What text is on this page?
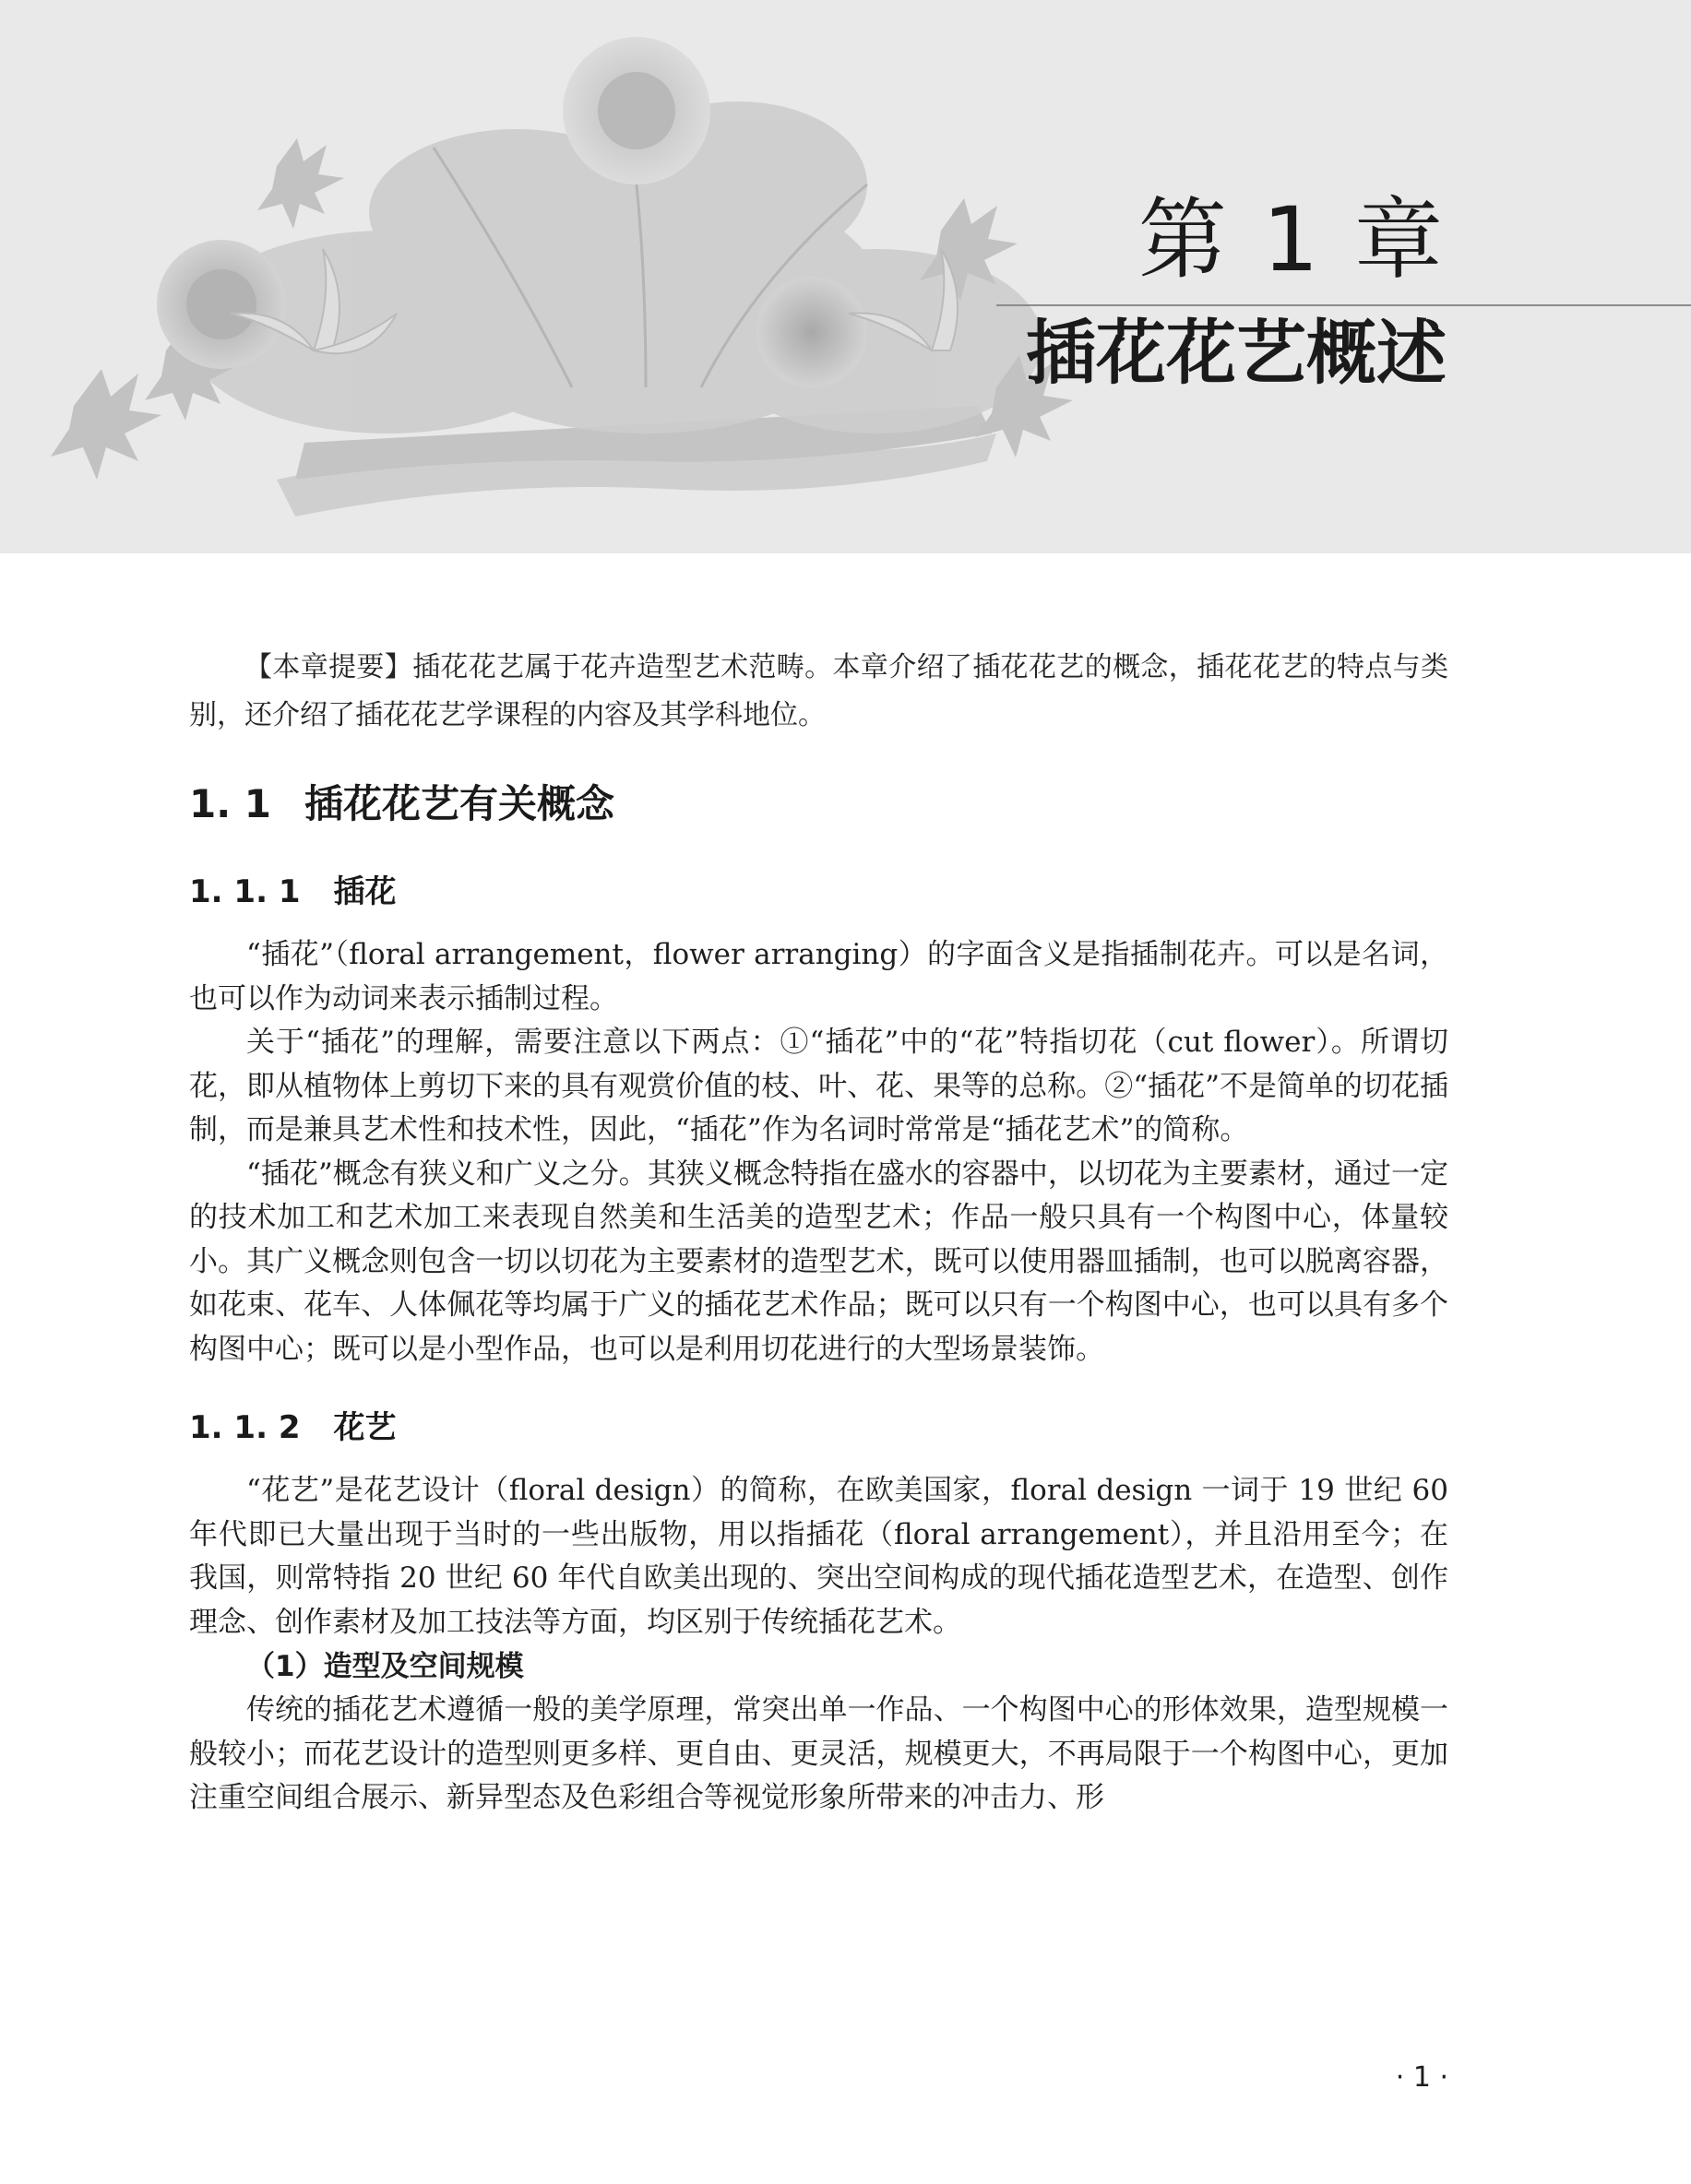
第 1 章
插花花艺概述

【本章提要】插花花艺属于花卉造型艺术范畴。本章介绍了插花花艺的概念，插花花艺的特点与类别，还介绍了插花花艺学课程的内容及其学科地位。

1. 1 插花花艺有关概念
1. 1. 1 插花

“插花”（floral arrangement，flower arranging）的字面含义是指插制花卉。可以是名词，也可以作为动词来表示插制过程。

关于“插花”的理解，需要注意以下两点：①“插花”中的“花”特指切花（cut flower）。所谓切花，即从植物体上剪切下来的具有观赏价值的枝、叶、花、果等的总称。②“插花”不是简单的切花插制，而是兼具艺术性和技术性，因此，“插花”作为名词时常常是“插花艺术”的简称。

“插花”概念有狭义和广义之分。其狭义概念特指在盛水的容器中，以切花为主要素材，通过一定的技术加工和艺术加工来表现自然美和生活美的造型艺术；作品一般只具有一个构图中心，体量较小。其广义概念则包含一切以切花为主要素材的造型艺术，既可以使用器皿插制，也可以脱离容器，如花束、花车、人体佩花等均属于广义的插花艺术作品；既可以只有一个构图中心，也可以具有多个构图中心；既可以是小型作品，也可以是利用切花进行的大型场景装饰。

1. 1. 2 花艺

“花艺”是花艺设计（floral design）的简称，在欧美国家，floral design 一词于 19 世纪 60 年代即已大量出现于当时的一些出版物，用以指插花（floral arrangement），并且沿用至今；在我国，则常特指 20 世纪 60 年代自欧美出现的、突出空间构成的现代插花造型艺术，在造型、创作理念、创作素材及加工技法等方面，均区别于传统插花艺术。

（1）造型及空间规模

传统的插花艺术遵循一般的美学原理，常突出单一作品、一个构图中心的形体效果，造型规模一般较小；而花艺设计的造型则更多样、更自由、更灵活，规模更大，不再局限于一个构图中心，更加注重空间组合展示、新异型态及色彩组合等视觉形象所带来的冲击力、形

· 1 ·
